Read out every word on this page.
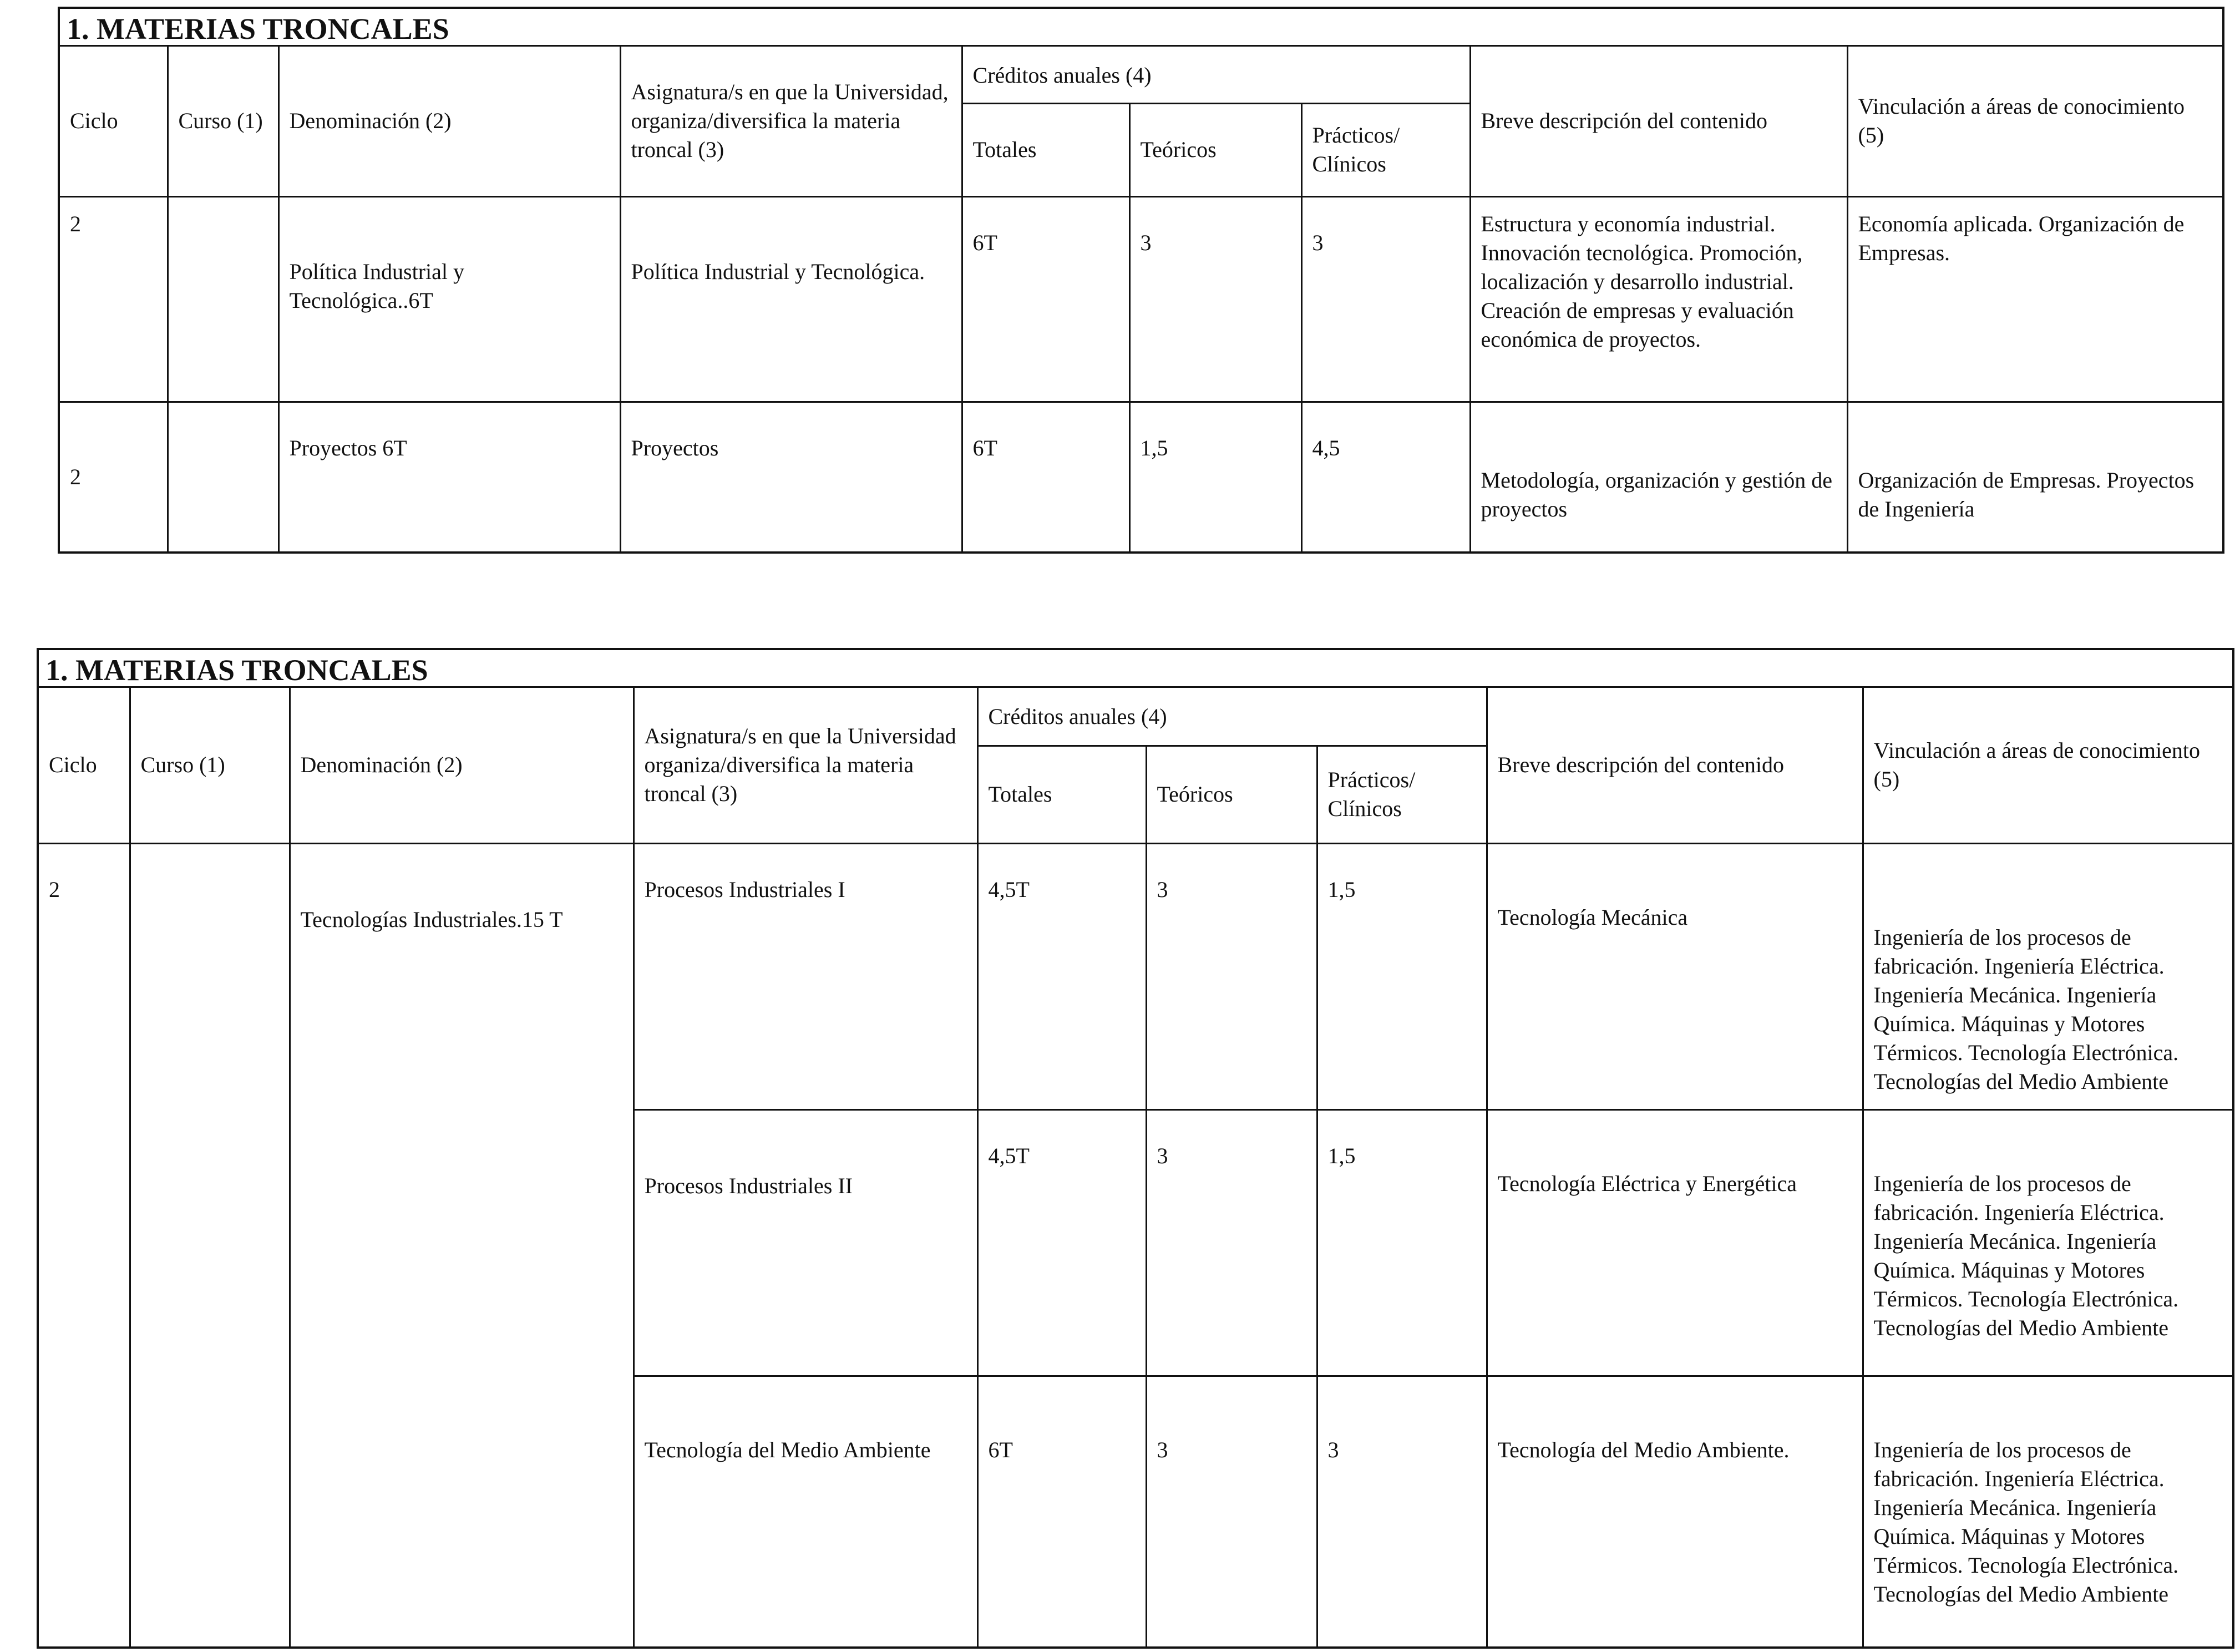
1. MATERIAS TRONCALES								
Ciclo	Curso (1)	Denominación (2)	Asignatura/s en que la Universidad, organiza/diversifica la materia troncal (3)	Créditos anuales (4)			Breve descripción del contenido	Vinculación a áreas de conocimiento (5)
				Totales	Teóricos	Prácticos/ Clínicos		
2		Política Industrial y Tecnológica..6T	Política Industrial y Tecnológica.	6T	3	3	Estructura y economía industrial. Innovación tecnológica. Promoción, localización y desarrollo industrial. Creación de empresas y evaluación económica de proyectos.	Economía aplicada. Organización de Empresas.
2		Proyectos 6T	Proyectos	6T	1,5	4,5	Metodología, organización y gestión de proyectos	Organización de Empresas. Proyectos de Ingeniería
1. MATERIAS TRONCALES								
Ciclo	Curso (1)	Denominación (2)	Asignatura/s en que la Universidad organiza/diversifica la materia troncal (3)	Créditos anuales (4)			Breve descripción del contenido	Vinculación a áreas de conocimiento (5)
				Totales	Teóricos	Prácticos/ Clínicos		
2		Tecnologías Industriales.15 T	Procesos Industriales I	4,5T	3	1,5	Tecnología Mecánica	Ingeniería de los procesos de fabricación. Ingeniería Eléctrica. Ingeniería Mecánica. Ingeniería Química. Máquinas y Motores Térmicos. Tecnología Electrónica. Tecnologías del Medio Ambiente
			Procesos Industriales II	4,5T	3	1,5	Tecnología Eléctrica y Energética	Ingeniería de los procesos de fabricación. Ingeniería Eléctrica. Ingeniería Mecánica. Ingeniería Química. Máquinas y Motores Térmicos. Tecnología Electrónica. Tecnologías del Medio Ambiente
			Tecnología del Medio Ambiente	6T	3	3	Tecnología del Medio Ambiente.	Ingeniería de los procesos de fabricación. Ingeniería Eléctrica. Ingeniería Mecánica. Ingeniería Química. Máquinas y Motores Térmicos. Tecnología Electrónica. Tecnologías del Medio Ambiente
